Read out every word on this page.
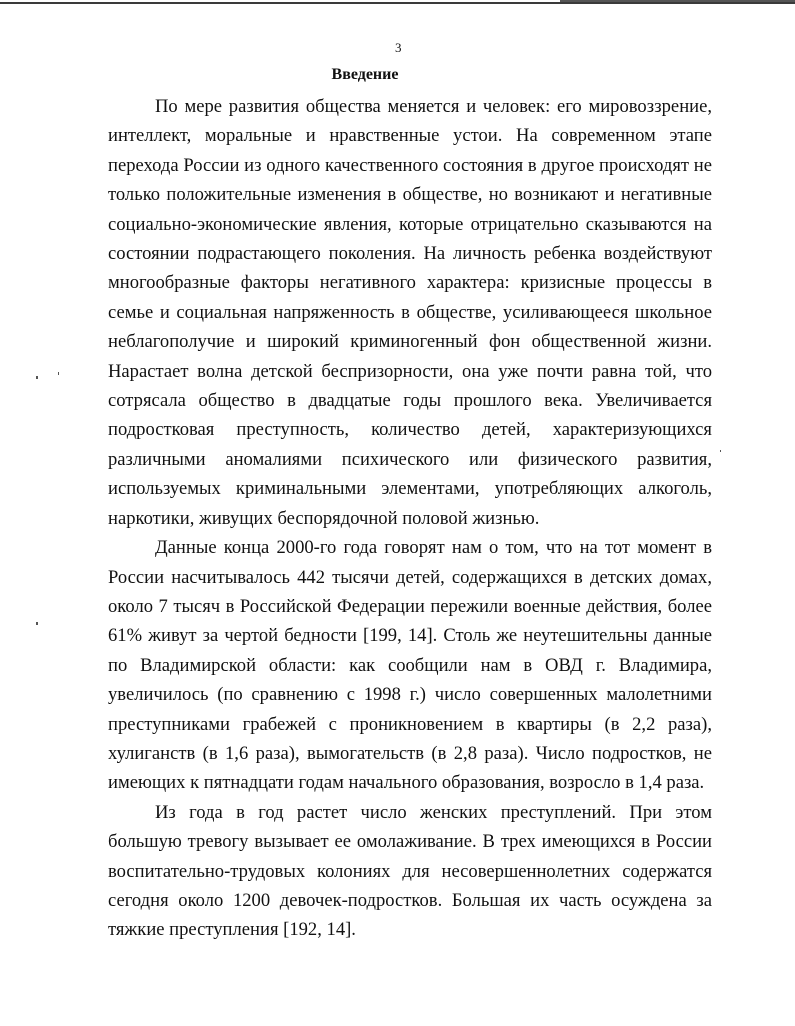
3
Введение

По мере развития общества меняется и человек: его мировоззрение, интеллект, моральные и нравственные устои. На современном этапе перехода России из одного качественного состояния в другое происходят не только положительные изменения в обществе, но возникают и негативные социально-экономические явления, которые отрицательно сказываются на состоянии подрастающего поколения. На личность ребенка воздействуют многообразные факторы негативного характера: кризисные процессы в семье и социальная напряженность в обществе, усиливающееся школьное неблагополучие и широкий криминогенный фон общественной жизни. Нарастает волна детской беспризорности, она уже почти равна той, что сотрясала общество в двадцатые годы прошлого века. Увеличивается подростковая преступность, количество детей, характеризующихся различными аномалиями психического или физического развития, используемых криминальными элементами, употребляющих алкоголь, наркотики, живущих беспорядочной половой жизнью.

Данные конца 2000-го года говорят нам о том, что на тот момент в России насчитывалось 442 тысячи детей, содержащихся в детских домах, около 7 тысяч в Российской Федерации пережили военные действия, более 61% живут за чертой бедности [199, 14]. Столь же неутешительны данные по Владимирской области: как сообщили нам в ОВД г. Владимира, увеличилось (по сравнению с 1998 г.) число совершенных малолетними преступниками грабежей с проникновением в квартиры (в 2,2 раза), хулиганств (в 1,6 раза), вымогательств (в 2,8 раза). Число подростков, не имеющих к пятнадцати годам начального образования, возросло в 1,4 раза.

Из года в год растет число женских преступлений. При этом большую тревогу вызывает ее омолаживание. В трех имеющихся в России воспитательно-трудовых колониях для несовершеннолетних содержатся сегодня около 1200 девочек-подростков. Большая их часть осуждена за тяжкие преступления [192, 14].
